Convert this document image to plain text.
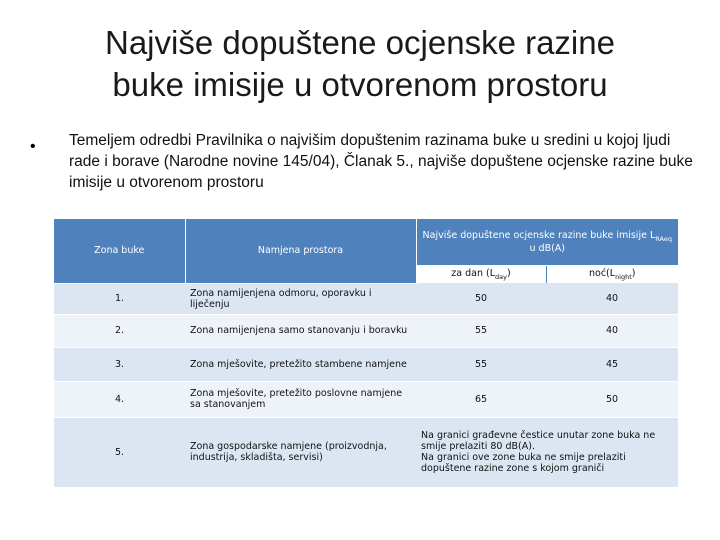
Najviše dopuštene ocjenske razine
buke imisije u otvorenom prostoru
• Temeljem odredbi Pravilnika o najvišim dopuštenim razinama buke u sredini u kojoj ljudi rade i borave (Narodne novine 145/04), Članak 5., najviše dopuštene ocjenske razine buke imisije u otvorenom prostoru
Zona buke	Namjena prostora	Najviše dopuštene ocjenske razine buke imisije $L_{RAeq}$ u dB(A)	
		za dan $(L_{day})$	$noć(L_{night})$
1.	Zona namijenjena odmoru, oporavku i liječenju	50	40
2.	Zona namijenjena samo stanovanju i boravku	55	40
3.	Zona mješovite, pretežito stambene namjene	55	45
4.	Zona mješovite, pretežito poslovne namjene sa stanovanjem	65	50
5.	Zona gospodarske namjene (proizvodnja, industrija, skladišta, servisi)	Na granici građevne čestice unutar zone buka ne smije prelaziti 80 dB(A).
Na granici ove zone buka ne smije prelaziti dopuštene razine zone s kojom graniči	
